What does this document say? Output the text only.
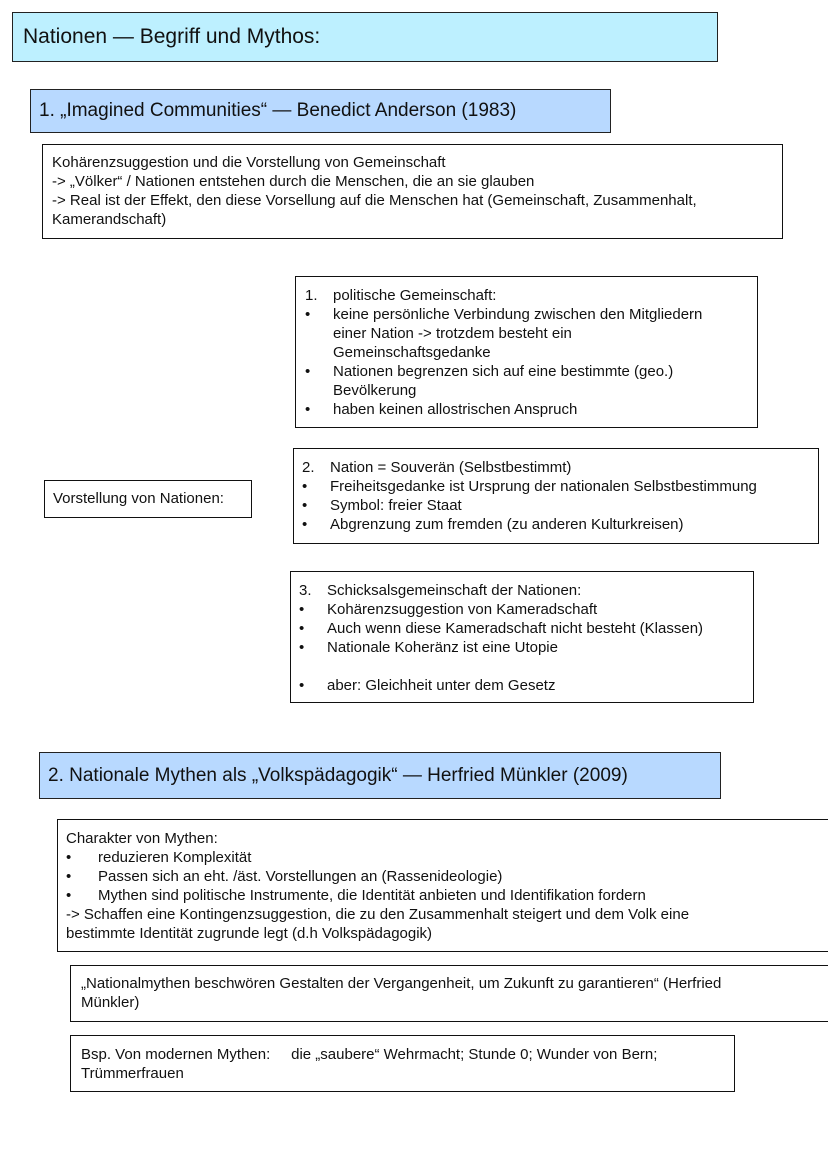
Nationen — Begriff und Mythos:
1. „Imagined Communities“ — Benedict Anderson (1983)
Kohärenzsuggestion und die Vorstellung von Gemeinschaft
-> „Völker“ / Nationen entstehen durch die Menschen, die an sie glauben
-> Real ist der Effekt, den diese Vorsellung auf die Menschen hat (Gemeinschaft, Zusammenhalt,
Kamerandschaft)
1.	politische Gemeinschaft:
•	keine persönliche Verbindung zwischen den Mitgliedern
einer Nation -> trotzdem besteht ein
Gemeinschaftsgedanke
•	Nationen begrenzen sich auf eine bestimmte (geo.)
Bevölkerung
•	haben keinen allostrischen Anspruch
Vorstellung von Nationen:
2.	Nation = Souverän (Selbstbestimmt)
•	Freiheitsgedanke ist Ursprung der nationalen Selbstbestimmung
•	Symbol: freier Staat
•	Abgrenzung zum fremden (zu anderen Kulturkreisen)
3.	Schicksalsgemeinschaft der Nationen:
•	Kohärenzsuggestion von Kameradschaft
•	Auch wenn diese Kameradschaft nicht besteht (Klassen)
•	Nationale Koheränz ist eine Utopie
•	aber: Gleichheit unter dem Gesetz
2. Nationale Mythen als „Volkspädagogik“ — Herfried Münkler (2009)
Charakter von Mythen:
•	reduzieren Komplexität
•	Passen sich an eht. /äst. Vorstellungen an (Rassenideologie)
•	Mythen sind politische Instrumente, die Identität anbieten und Identifikation fordern
-> Schaffen eine Kontingenzsuggestion, die zu den Zusammenhalt steigert und dem Volk eine
bestimmte Identität zugrunde legt (d.h Volkspädagogik)
„Nationalmythen beschwören Gestalten der Vergangenheit, um Zukunft zu garantieren“ (Herfried
Münkler)
Bsp. Von modernen Mythen:     die „saubere“ Wehrmacht; Stunde 0; Wunder von Bern;
Trümmerfrauen
